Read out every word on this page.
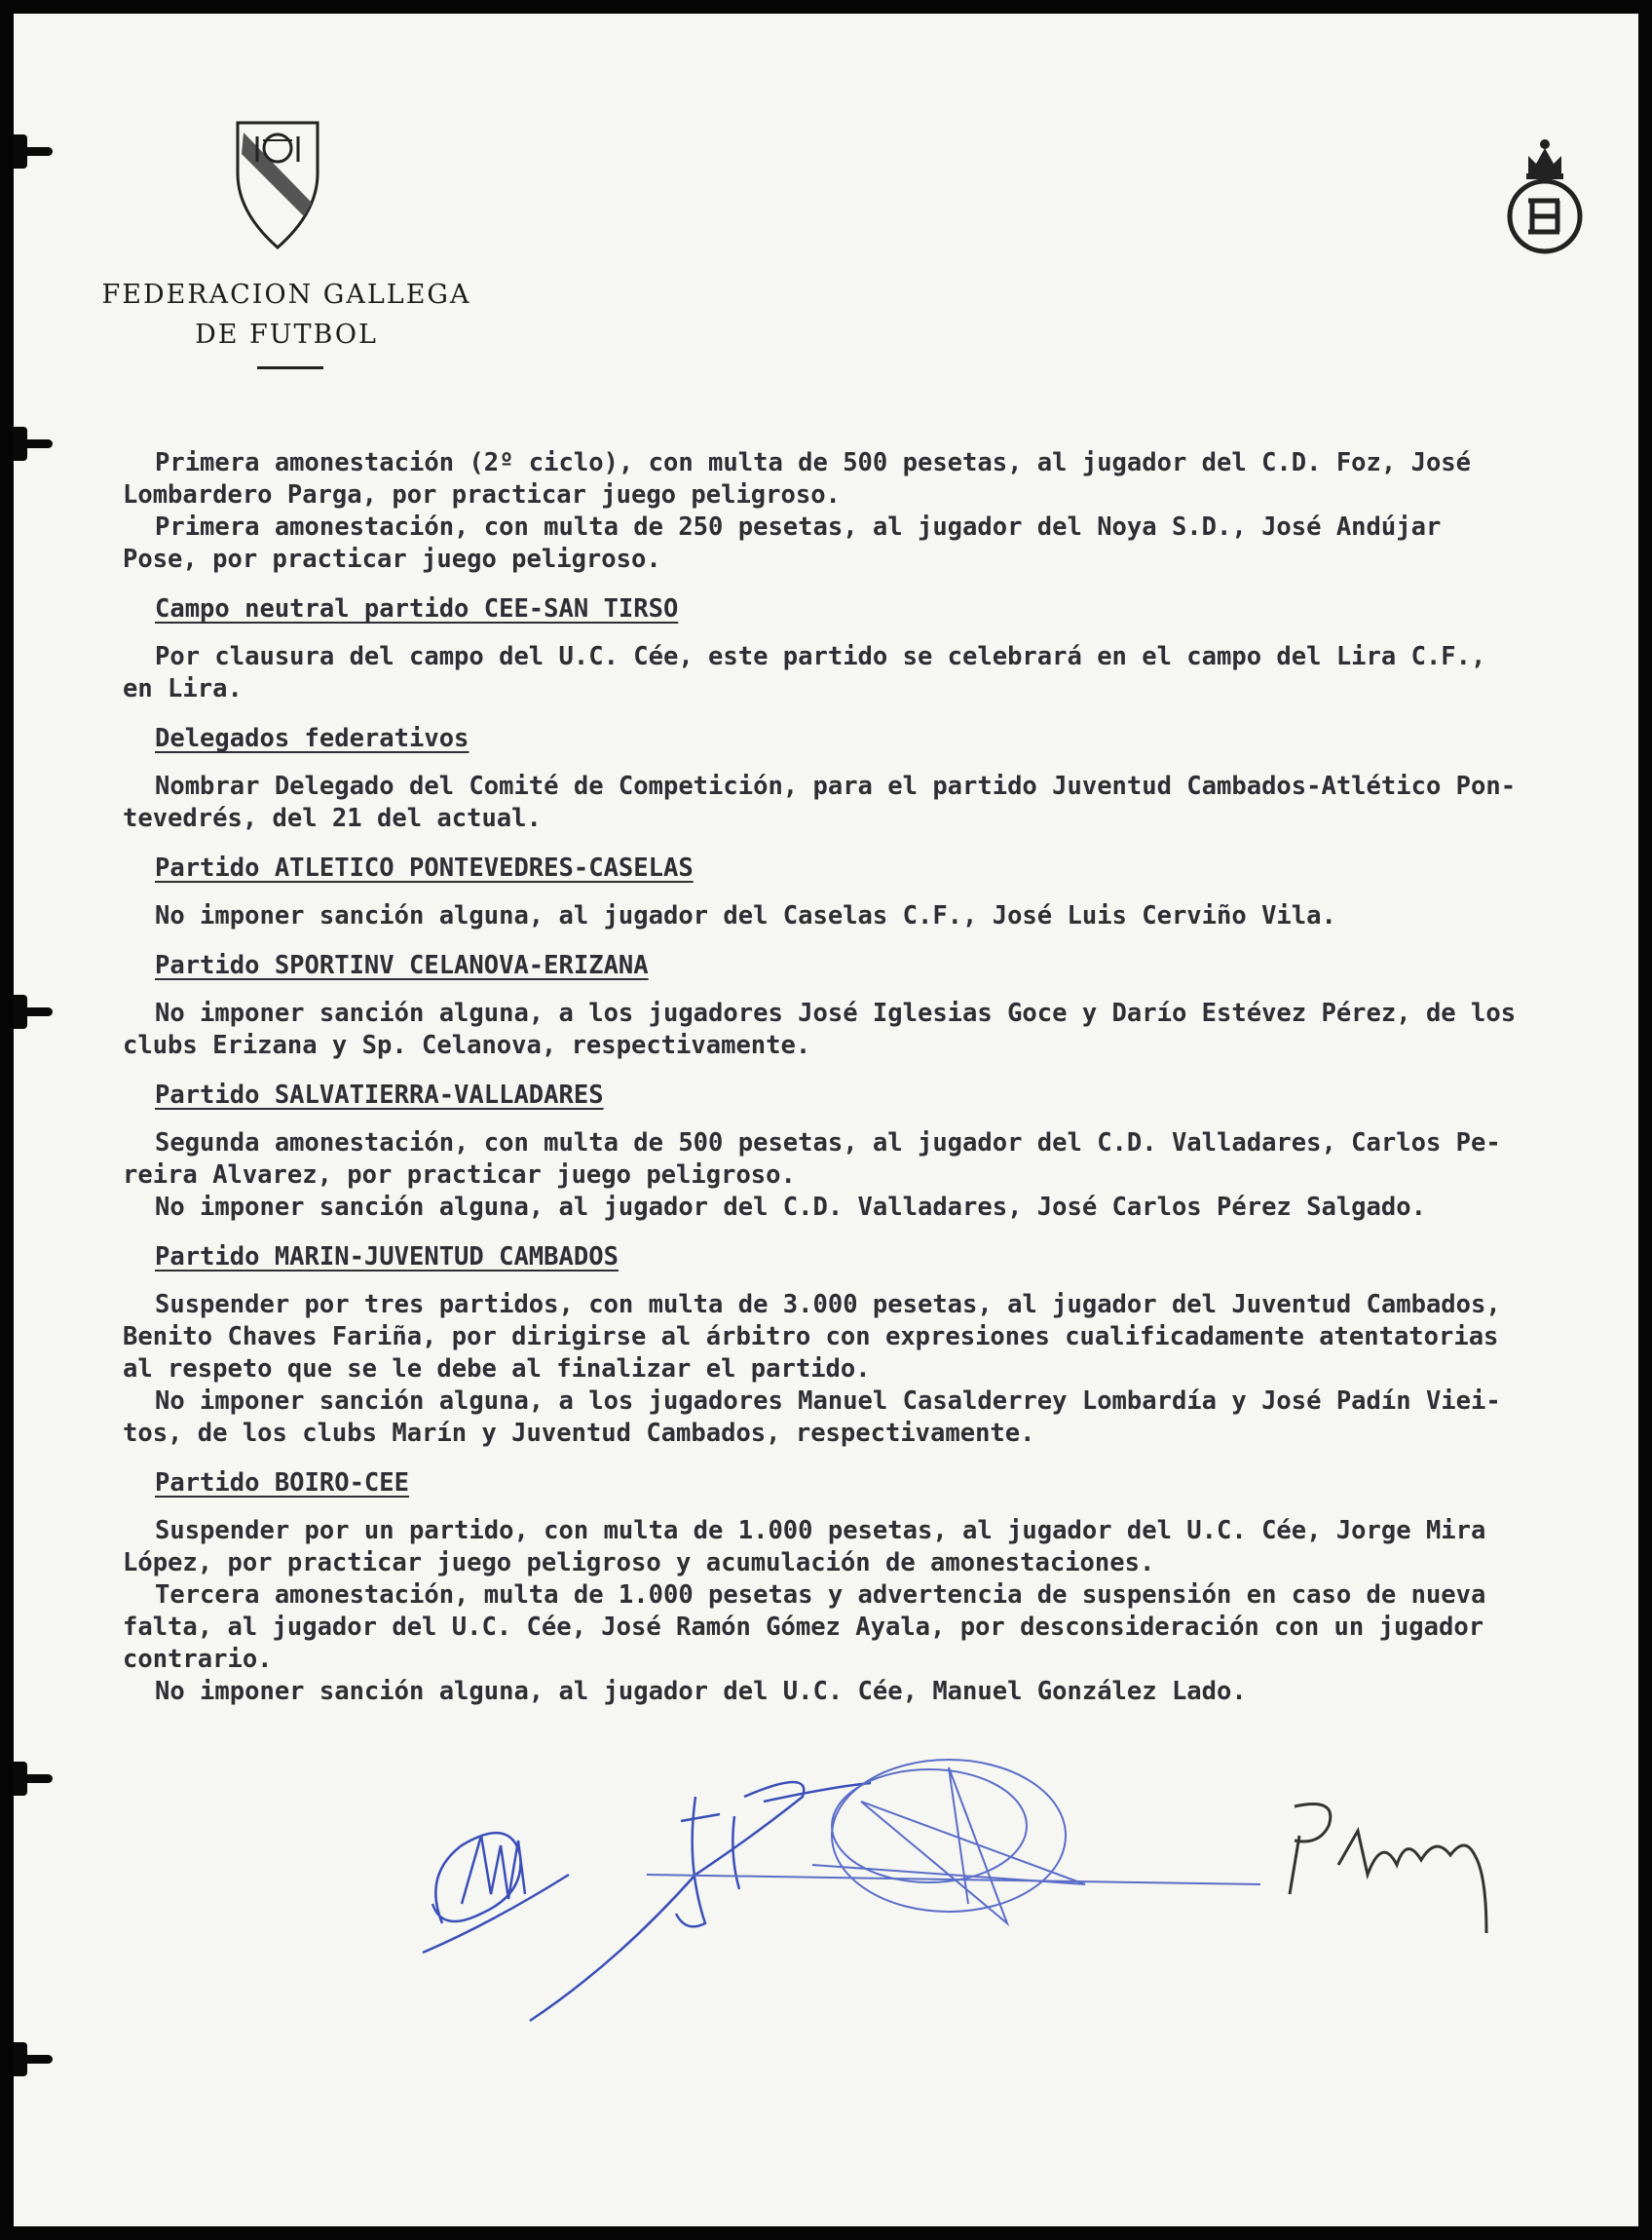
FEDERACION GALLEGA
DE FUTBOL

Primera amonestación (2º ciclo), con multa de 500 pesetas, al jugador del C.D. Foz, José

Lombardero Parga, por practicar juego peligroso.

Primera amonestación, con multa de 250 pesetas, al jugador del Noya S.D., José Andújar

Pose, por practicar juego peligroso.

Campo neutral partido CEE-SAN TIRSO

Por clausura del campo del U.C. Cée, este partido se celebrará en el campo del Lira C.F.,

en Lira.

Delegados federativos

Nombrar Delegado del Comité de Competición, para el partido Juventud Cambados-Atlético Pon-

tevedrés, del 21 del actual.

Partido ATLETICO PONTEVEDRES-CASELAS

No imponer sanción alguna, al jugador del Caselas C.F., José Luis Cerviño Vila.

Partido SPORTINV CELANOVA-ERIZANA

No imponer sanción alguna, a los jugadores José Iglesias Goce y Darío Estévez Pérez, de los

clubs Erizana y Sp. Celanova, respectivamente.

Partido SALVATIERRA-VALLADARES

Segunda amonestación, con multa de 500 pesetas, al jugador del C.D. Valladares, Carlos Pe-

reira Alvarez, por practicar juego peligroso.

No imponer sanción alguna, al jugador del C.D. Valladares, José Carlos Pérez Salgado.

Partido MARIN-JUVENTUD CAMBADOS

Suspender por tres partidos, con multa de 3.000 pesetas, al jugador del Juventud Cambados,

Benito Chaves Fariña, por dirigirse al árbitro con expresiones cualificadamente atentatorias

al respeto que se le debe al finalizar el partido.

No imponer sanción alguna, a los jugadores Manuel Casalderrey Lombardía y José Padín Viei-

tos, de los clubs Marín y Juventud Cambados, respectivamente.

Partido BOIRO-CEE

Suspender por un partido, con multa de 1.000 pesetas, al jugador del U.C. Cée, Jorge Mira

López, por practicar juego peligroso y acumulación de amonestaciones.

Tercera amonestación, multa de 1.000 pesetas y advertencia de suspensión en caso de nueva

falta, al jugador del U.C. Cée, José Ramón Gómez Ayala, por desconsideración con un jugador

contrario.

No imponer sanción alguna, al jugador del U.C. Cée, Manuel González Lado.
